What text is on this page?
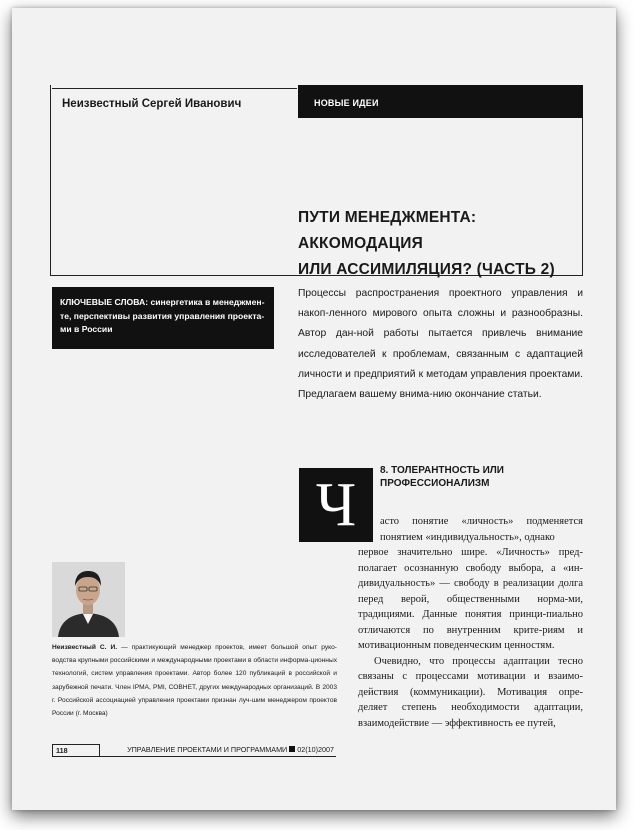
Неизвестный Сергей Иванович	НОВЫЕ ИДЕИ
ПУТИ МЕНЕДЖМЕНТА: АККОМОДАЦИЯ
ИЛИ АССИМИЛЯЦИЯ? (ЧАСТЬ 2)
КЛЮЧЕВЫЕ СЛОВА: синергетика в менеджмен-те, перспективы развития управления проекта-ми в России

Процессы распространения проектного управления и накоп-ленного мирового опыта сложны и разнообразны. Автор дан-ной работы пытается привлечь внимание исследователей к проблемам, связанным с адаптацией личности и предприятий к методам управления проектами. Предлагаем вашему внима-нию окончание статьи.

Ч
8. ТОЛЕРАНТНОСТЬ ИЛИ
ПРОФЕССИОНАЛИЗМ

асто понятие «личность» подменяется понятием «индивидуальность», однако

первое значительно шире. «Личность» пред-полагает осознанную свободу выбора, а «ин-дивидуальность» — свободу в реализации долга перед верой, общественными норма-ми, традициями. Данные понятия принци-пиально отличаются по внутренним крите-риям и мотивационным поведенческим ценностям.
Очевидно, что процессы адаптации тесно связаны с процессами мотивации и взаимо-действия (коммуникации). Мотивация опре-деляет степень необходимости адаптации, взаимодействие — эффективность ее путей,

Неизвестный С. И. — практикующий менеджер проектов, имеет большой опыт руко-водства крупными российскими и международными проектами в области информа-ционных технологий, систем управления проектами. Автор более 120 публикаций в российской и зарубежной печати. Член IPMA, PMI, СОВНЕТ, других международных организаций. В 2003 г. Российской ассоциацией управления проектами признан луч-шим менеджером проектов России (г. Москва)

118	УПРАВЛЕНИЕ ПРОЕКТАМИ И ПРОГРАММАМИ 02(10)2007
